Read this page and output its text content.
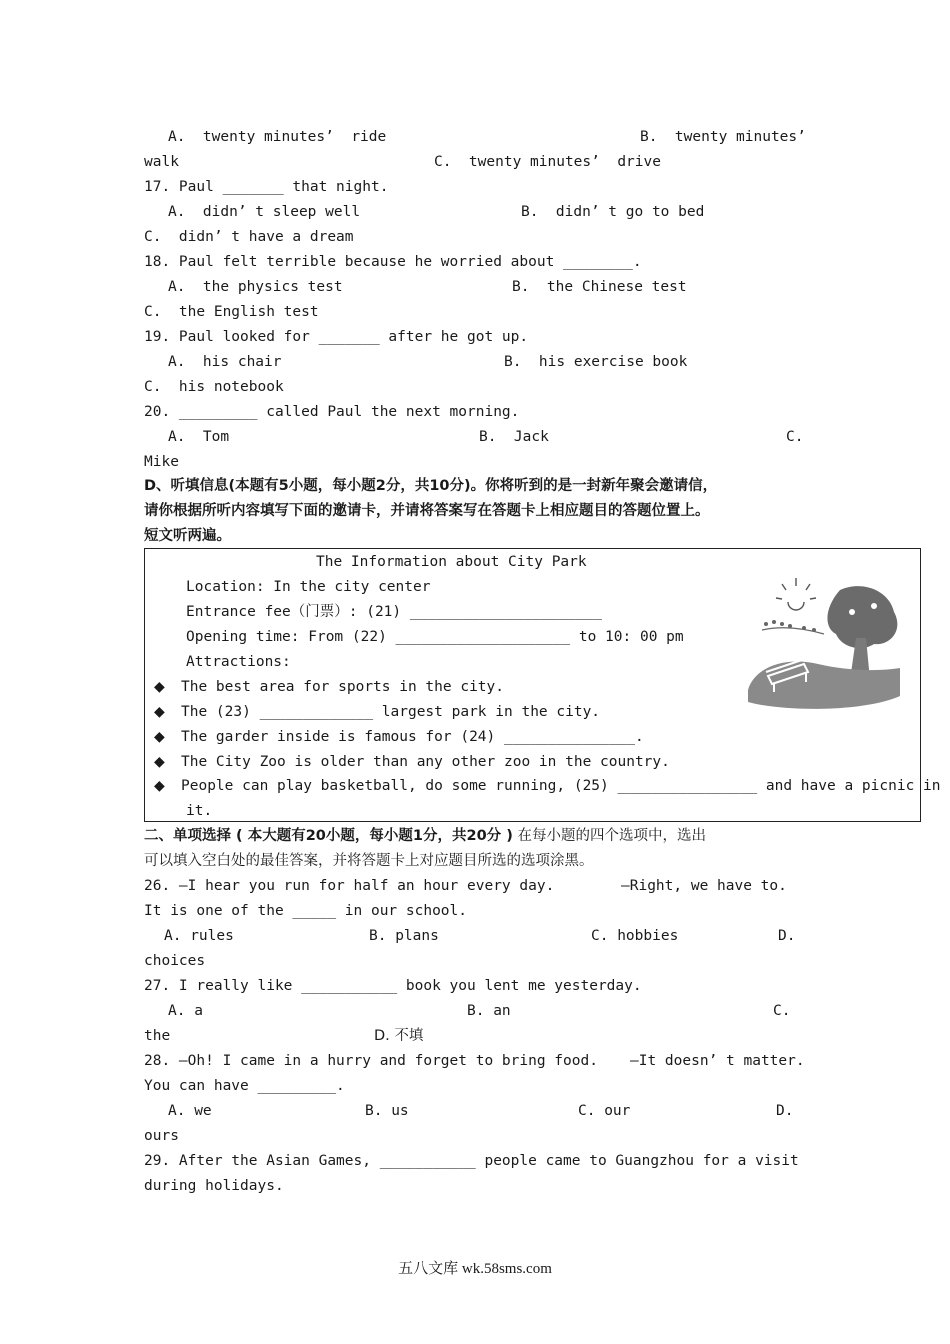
A.  twenty minutes’  ride	B.  twenty minutes’
walk	C.  twenty minutes’  drive
17. Paul _______ that night.
A.  didn’ t sleep well	B.  didn’ t go to bed
C.  didn’ t have a dream
18. Paul felt terrible because he worried about ________.
A.  the physics test	B.  the Chinese test
C.  the English test
19. Paul looked for _______ after he got up.
A.  his chair	B.  his exercise book
C.  his notebook
20. _________ called Paul the next morning.
A.  Tom	B.  Jack	C.
Mike
D、听填信息(本题有5小题，每小题2分，共10分)。你将听到的是一封新年聚会邀请信，
请你根据所听内容填写下面的邀请卡，并请将答案写在答题卡上相应题目的答题位置上。
短文听两遍。
The Information about City Park
Location: In the city center
Entrance fee（门票）: (21) ______________________
Opening time: From (22) ____________________ to 10: 00 pm
Attractions:
◆ The best area for sports in the city.
◆ The (23) _____________ largest park in the city.
◆ The garder inside is famous for (24) _______________.
◆ The City Zoo is older than any other zoo in the country.
◆ People can play basketball, do some running, (25) ________________ and have a picnic in
it.
二、单项选择 ( 本大题有20小题，每小题1分，共20分 ) 在每小题的四个选项中，选出
可以填入空白处的最佳答案，并将答题卡上对应题目所选的选项涂黑。
26. —I hear you run for half an hour every day.	—Right, we have to.
It is one of the _____ in our school.
A. rules	B. plans	C. hobbies	D.
choices
27. I really like ___________ book you lent me yesterday.
A. a	B. an	C.
the	D. 不填
28. —Oh! I came in a hurry and forget to bring food. —It doesn’ t matter.
You can have _________.
A. we	B. us	C. our	D.
ours
29. After the Asian Games, ___________ people came to Guangzhou for a visit
during holidays.
五八文库 wk.58sms.com
